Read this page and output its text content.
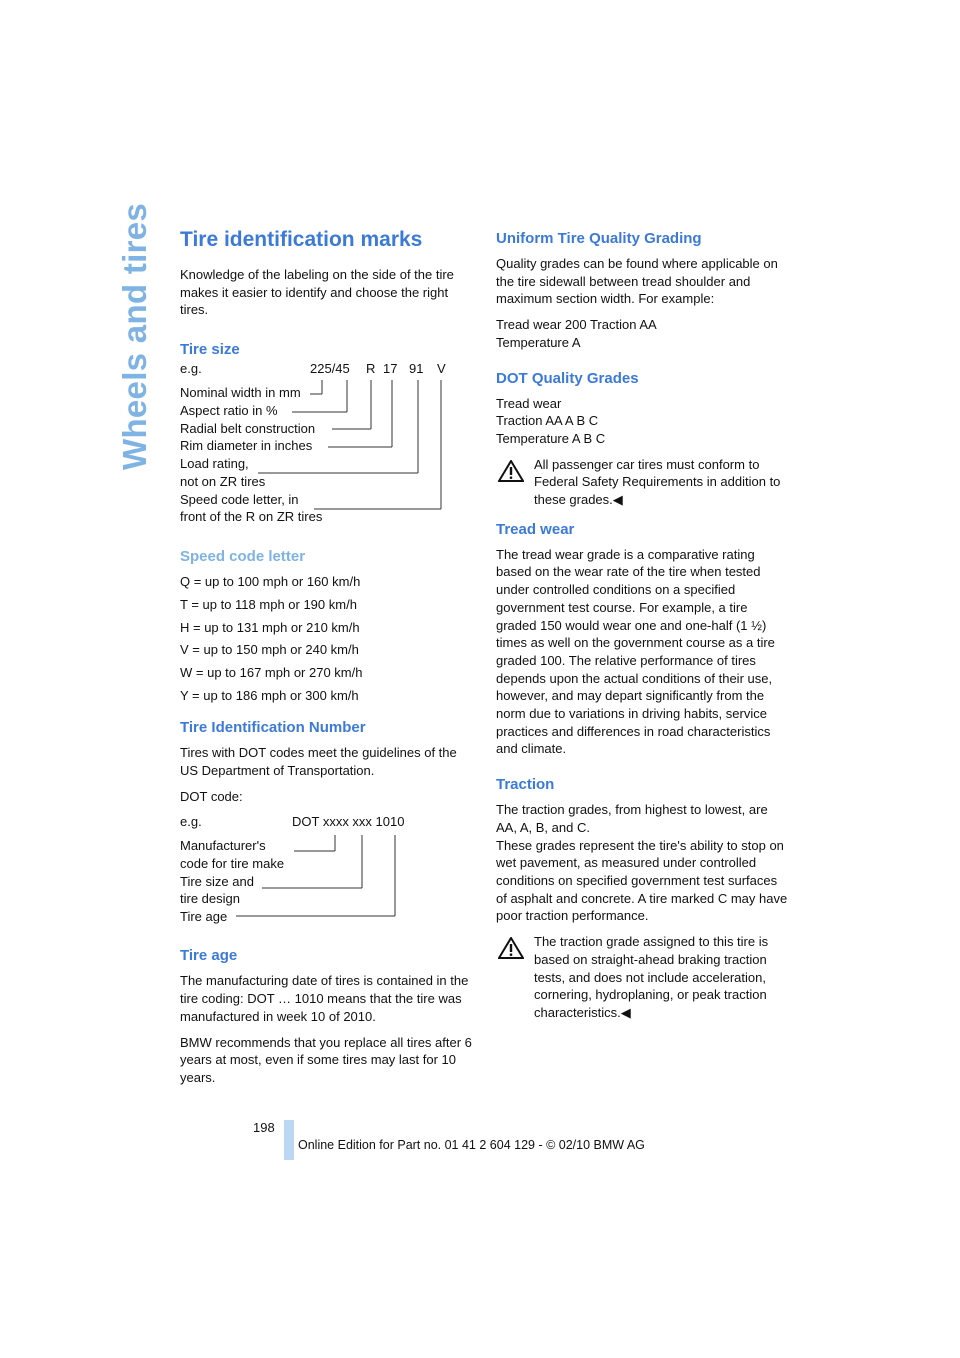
Wheels and tires Tire identification marks

Knowledge of the labeling on the side of the tire makes it easier to identify and choose the right tires.

Tire size
e.g.	225/45 R 17 91 V
Nominal width in mm
Aspect ratio in %
Radial belt construction
Rim diameter in inches
Load rating,
not on ZR tires
Speed code letter, in
front of the R on ZR tires
Speed code letter

Q = up to 100 mph or 160 km/h

T = up to 118 mph or 190 km/h

H = up to 131 mph or 210 km/h

V = up to 150 mph or 240 km/h

W = up to 167 mph or 270 km/h

Y = up to 186 mph or 300 km/h

Tire Identification Number

Tires with DOT codes meet the guidelines of the US Department of Transportation.

DOT code:

e.g.	DOT xxxx xxx 1010
Manufacturer's
code for tire make
Tire size and
tire design
Tire age
Tire age

The manufacturing date of tires is contained in the tire coding: DOT … 1010 means that the tire was manufactured in week 10 of 2010.

BMW recommends that you replace all tires after 6 years at most, even if some tires may last for 10 years.

Uniform Tire Quality Grading

Quality grades can be found where applicable on the tire sidewall between tread shoulder and maximum section width. For example:

Tread wear 200 Traction AA

Temperature A

DOT Quality Grades

Tread wear

Traction AA A B C

Temperature A B C

All passenger car tires must conform to Federal Safety Requirements in addition to these grades.◀

Tread wear

The tread wear grade is a comparative rating based on the wear rate of the tire when tested under controlled conditions on a specified government test course. For example, a tire graded 150 would wear one and one-half (1 ½) times as well on the government course as a tire graded 100. The relative performance of tires depends upon the actual conditions of their use, however, and may depart significantly from the norm due to variations in driving habits, service practices and differences in road characteristics and climate.

Traction

The traction grades, from highest to lowest, are AA, A, B, and C.

These grades represent the tire's ability to stop on wet pavement, as measured under controlled conditions on specified government test surfaces of asphalt and concrete. A tire marked C may have poor traction performance.

The traction grade assigned to this tire is based on straight-ahead braking traction tests, and does not include acceleration, cornering, hydroplaning, or peak traction characteristics.◀

198
Online Edition for Part no. 01 41 2 604 129 - © 02/10 BMW AG
